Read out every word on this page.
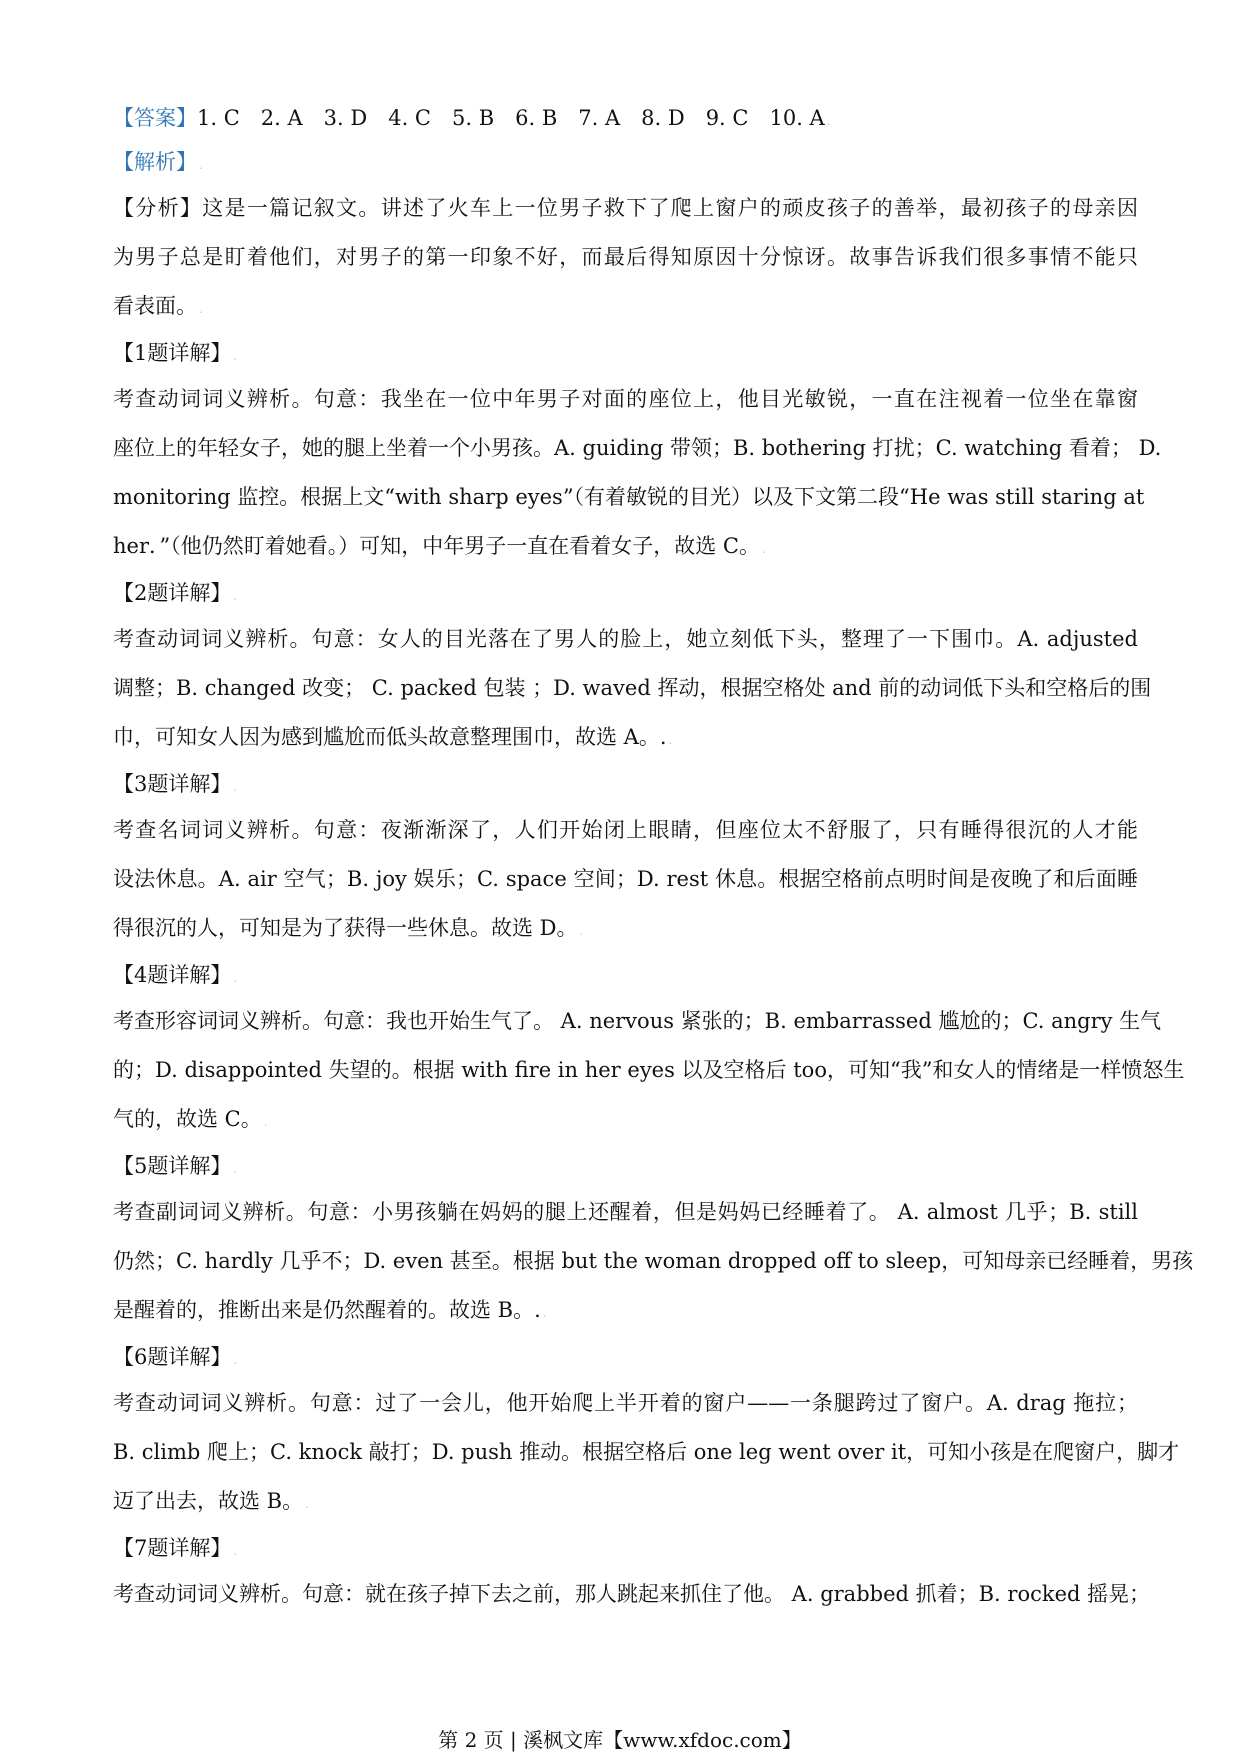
【答案】1. C　2. A　3. D　4. C　5. B　6. B　7. A　8. D　9. C　10. A .
【解析】 .
【分析】这是一篇记叙文。讲述了火车上一位男子救下了爬上窗户的顽皮孩子的善举，最初孩子的母亲因
为男子总是盯着他们，对男子的第一印象不好，而最后得知原因十分惊讶。故事告诉我们很多事情不能只
看表面。 .
【1题详解】 .
考查动词词义辨析。句意：我坐在一位中年男子对面的座位上，他目光敏锐，一直在注视着一位坐在靠窗
座位上的年轻女子，她的腿上坐着一个小男孩。A. guiding 带领；B. bothering 打扰；C. watching 看着； D.
monitoring 监控。根据上文“with sharp eyes”（有着敏锐的目光）以及下文第二段“He was still staring at
her．”（他仍然盯着她看。）可知，中年男子一直在看着女子，故选 C。 .
【2题详解】 .
考查动词词义辨析。句意：女人的目光落在了男人的脸上，她立刻低下头，整理了一下围巾。A. adjusted
调整；B. changed 改变； C. packed 包装 ；D. waved 挥动，根据空格处 and 前的动词低下头和空格后的围
巾，可知女人因为感到尴尬而低头故意整理围巾，故选 A。. .
【3题详解】 .
考查名词词义辨析。句意：夜渐渐深了，人们开始闭上眼睛，但座位太不舒服了，只有睡得很沉的人才能
设法休息。A. air 空气；B. joy 娱乐；C. space 空间；D. rest 休息。根据空格前点明时间是夜晚了和后面睡
得很沉的人，可知是为了获得一些休息。故选 D。 .
【4题详解】 .
考查形容词词义辨析。句意：我也开始生气了。 A. nervous 紧张的；B. embarrassed 尴尬的；C. angry 生气
的；D. disappointed 失望的。根据 with fire in her eyes 以及空格后 too，可知“我”和女人的情绪是一样愤怒生
气的，故选 C。 .
【5题详解】 .
考查副词词义辨析。句意：小男孩躺在妈妈的腿上还醒着，但是妈妈已经睡着了。 A. almost 几乎；B. still
仍然；C. hardly 几乎不；D. even 甚至。根据 but the woman dropped off to sleep，可知母亲已经睡着，男孩
是醒着的，推断出来是仍然醒着的。故选 B。. .
【6题详解】 .
考查动词词义辨析。句意：过了一会儿，他开始爬上半开着的窗户——一条腿跨过了窗户。A. drag 拖拉；
B. climb 爬上；C. knock 敲打；D. push 推动。根据空格后 one leg went over it，可知小孩是在爬窗户，脚才
迈了出去，故选 B。 .
【7题详解】 .
考查动词词义辨析。句意：就在孩子掉下去之前，那人跳起来抓住了他。 A. grabbed 抓着；B. rocked 摇晃；
第 2 页 | 溪枫文库【www.xfdoc.com】
